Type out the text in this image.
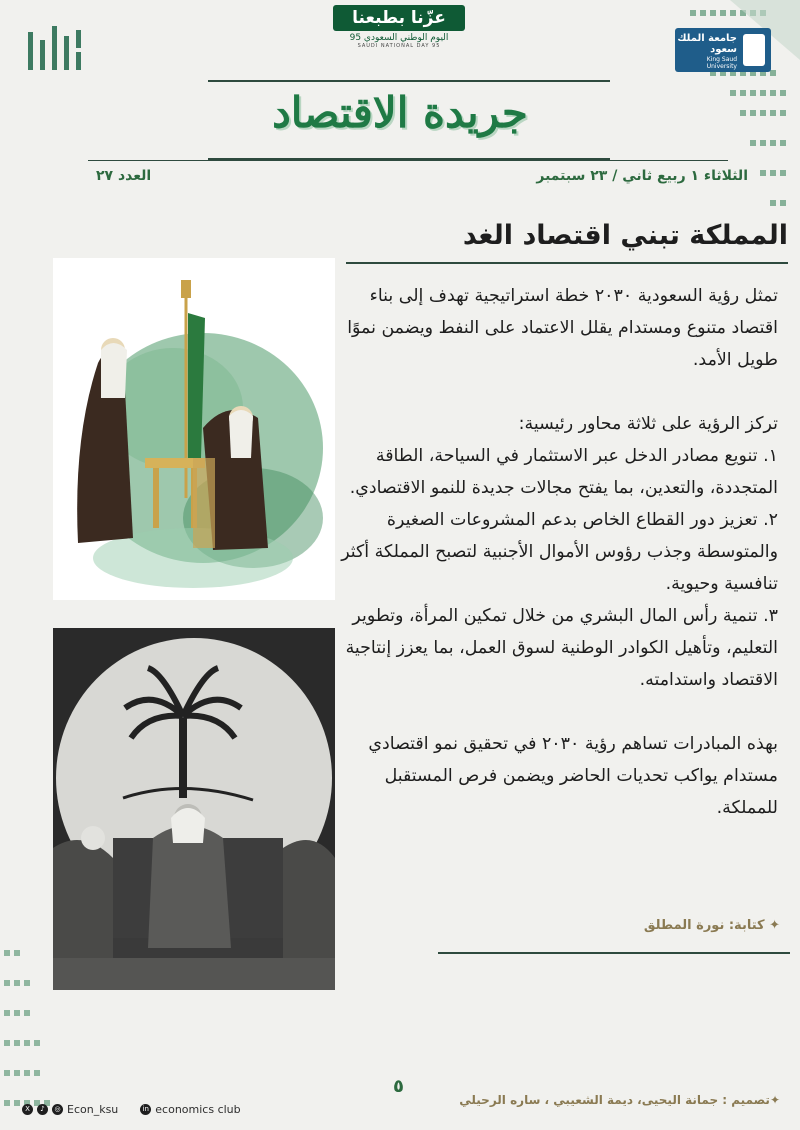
عزّنا بطبعنا
اليوم الوطني السعودي 95
SAUDI NATIONAL DAY 95
جامعة الملك سعود
King Saud University
جريدة الاقتصاد
الثلاثاء ١ ربيع ثاني / ٢٣ سبتمبر
العدد ٢٧
المملكة تبني اقتصاد الغد

تمثل رؤية السعودية ٢٠٣٠ خطة استراتيجية تهدف إلى بناء اقتصاد متنوع ومستدام يقلل الاعتماد على النفط ويضمن نموًا طويل الأمد.

تركز الرؤية على ثلاثة محاور رئيسية:

١. تنويع مصادر الدخل عبر الاستثمار في السياحة، الطاقة المتجددة، والتعدين، بما يفتح مجالات جديدة للنمو الاقتصادي.

٢. تعزيز دور القطاع الخاص بدعم المشروعات الصغيرة والمتوسطة وجذب رؤوس الأموال الأجنبية لتصبح المملكة أكثر تنافسية وحيوية.

٣. تنمية رأس المال البشري من خلال تمكين المرأة، وتطوير التعليم، وتأهيل الكوادر الوطنية لسوق العمل، بما يعزز إنتاجية الاقتصاد واستدامته.

بهذه المبادرات تساهم رؤية ٢٠٣٠ في تحقيق نمو اقتصادي مستدام يواكب تحديات الحاضر ويضمن فرص المستقبل للمملكة.

✦ كتابة: نورة المطلق
٥
✦تصميم : جمانة اليحيى، ديمة الشعيبي ، ساره الرحيلي
X	♪	◎ Econ_ksu	in economics club
